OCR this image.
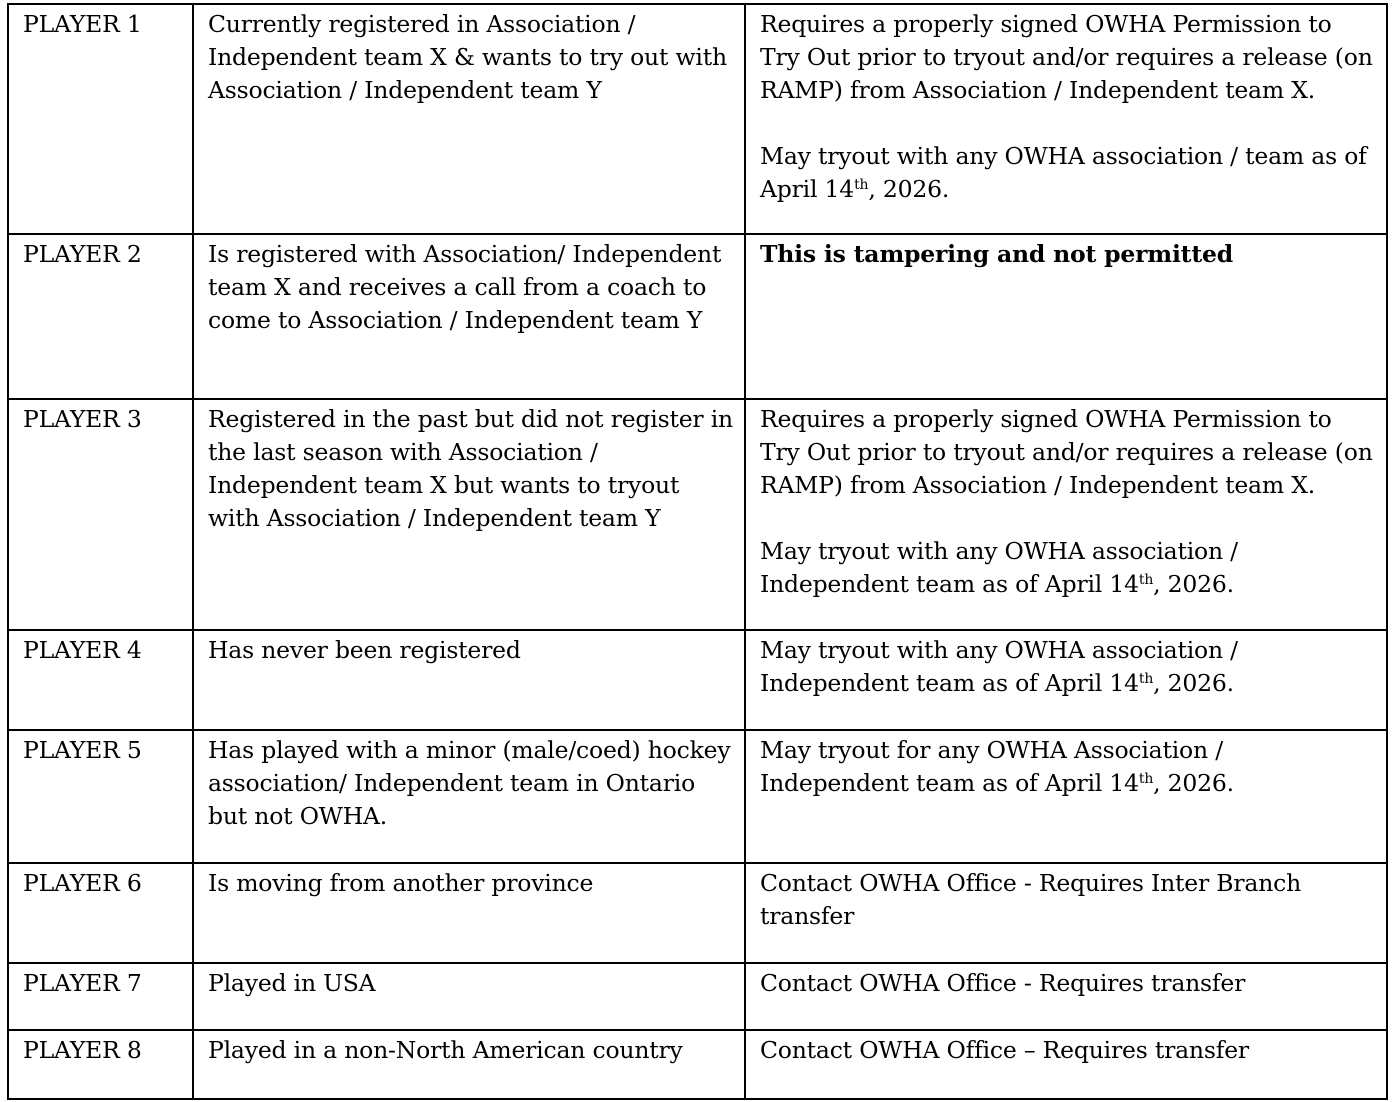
PLAYER 1	Currently registered in Association / Independent team X & wants to try out with Association / Independent team Y	Requires a properly signed OWHA Permission to Try Out prior to tryout and/or requires a release (on RAMP) from Association / Independent team X.
May tryout with any OWHA association / team as of April 14th, 2026.

PLAYER 2	Is registered with Association/ Independent team X and receives a call from a coach to come to Association / Independent team Y	This is tampering and not permitted
PLAYER 3	Registered in the past but did not register in the last season with Association / Independent team X but wants to tryout with Association / Independent team Y	Requires a properly signed OWHA Permission to Try Out prior to tryout and/or requires a release (on RAMP) from Association / Independent team X.
May tryout with any OWHA association / Independent team as of April 14th, 2026.

PLAYER 4	Has never been registered	May tryout with any OWHA association / Independent team as of April 14th, 2026.
PLAYER 5	Has played with a minor (male/coed) hockey association/ Independent team in Ontario but not OWHA.	May tryout for any OWHA Association / Independent team as of April 14th, 2026.
PLAYER 6	Is moving from another province	Contact OWHA Office - Requires Inter Branch transfer
PLAYER 7	Played in USA	Contact OWHA Office - Requires transfer
PLAYER 8	Played in a non-North American country	Contact OWHA Office – Requires transfer
